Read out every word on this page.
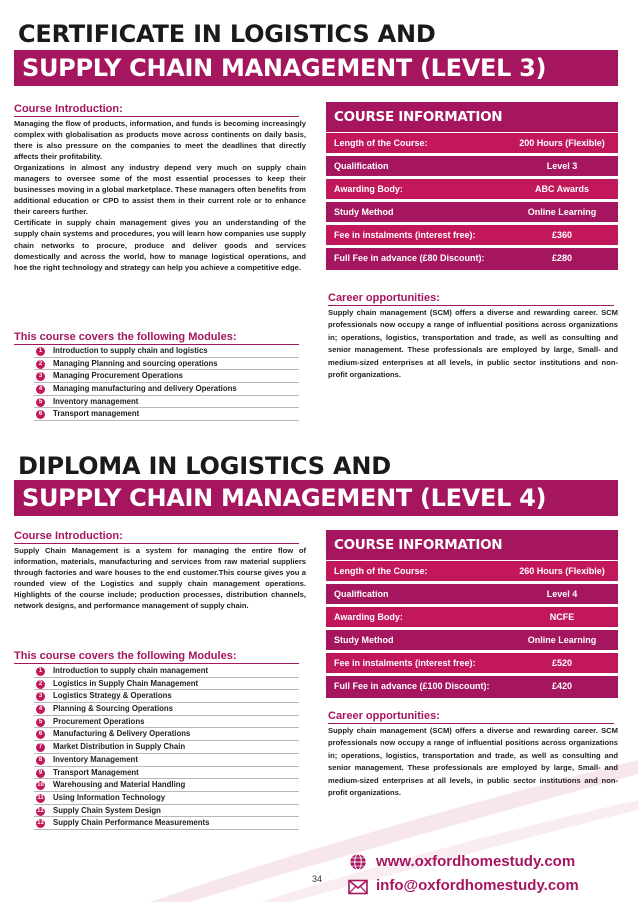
CERTIFICATE IN LOGISTICS AND
SUPPLY CHAIN MANAGEMENT (LEVEL 3)
Course Introduction:

Managing the flow of products, information, and funds is becoming increasingly complex with globalisation as products move across continents on daily basis, there is also pressure on the companies to meet the deadlines that directly affects their profitability.

Organizations in almost any industry depend very much on supply chain managers to oversee some of the most essential processes to keep their businesses moving in a global marketplace. These managers often benefits from additional education or CPD to assist them in their current role or to enhance their careers further.

Certificate in supply chain management gives you an understanding of the supply chain systems and procedures, you will learn how companies use supply chain networks to procure, produce and deliver goods and services domestically and across the world, how to manage logistical operations, and hoe the right technology and strategy can help you achieve a competitive edge.

This course covers the following Modules:
1	Introduction to supply chain and logistics
2	Managing Planning and sourcing operations
3	Managing Procurement Operations
4	Managing manufacturing and delivery Operations
5	Inventory management
6	Transport management
COURSE INFORMATION
Length of the Course:	200 Hours (Flexible)
Qualification	Level 3
Awarding Body:	ABC Awards
Study Method	Online Learning
Fee in instalments (interest free):	£360
Full Fee in advance (£80 Discount):	£280
Career opportunities:
Supply chain management (SCM) offers a diverse and rewarding career. SCM professionals now occupy a range of influential positions across organizations in; operations, logistics, transportation and trade, as well as consulting and senior management. These professionals are employed by large, Small- and medium-sized enterprises at all levels, in public sector institutions and non-profit organizations.
DIPLOMA IN LOGISTICS AND
SUPPLY CHAIN MANAGEMENT (LEVEL 4)
Course Introduction:

Supply Chain Management is a system for managing the entire flow of information, materials, manufacturing and services from raw material suppliers through factories and ware houses to the end customer.This course gives you a rounded view of the Logistics and supply chain management operations. Highlights of the course include; production processes, distribution channels, network designs, and performance management of supply chain.

This course covers the following Modules:
1	Introduction to supply chain management
2	Logistics in Supply Chain Management
3	Logistics Strategy & Operations
4	Planning & Sourcing Operations
5	Procurement Operations
6	Manufacturing & Delivery Operations
7	Market Distribution in Supply Chain
8	Inventory Management
9	Transport Management
10 Warehousing and Material Handling
11 Using Information Technology
12 Supply Chain System Design
13 Supply Chain Performance Measurements
COURSE INFORMATION
Length of the Course:	260 Hours (Flexible)
Qualification	Level 4
Awarding Body:	NCFE
Study Method	Online Learning
Fee in instalments (interest free):	£520
Full Fee in advance (£100 Discount):	£420
Career opportunities:
Supply chain management (SCM) offers a diverse and rewarding career. SCM professionals now occupy a range of influential positions across organizations in; operations, logistics, transportation and trade, as well as consulting and senior management. These professionals are employed by large, Small- and medium-sized enterprises at all levels, in public sector institutions and non-profit organizations.
34
www.oxfordhomestudy.com
info@oxfordhomestudy.com
